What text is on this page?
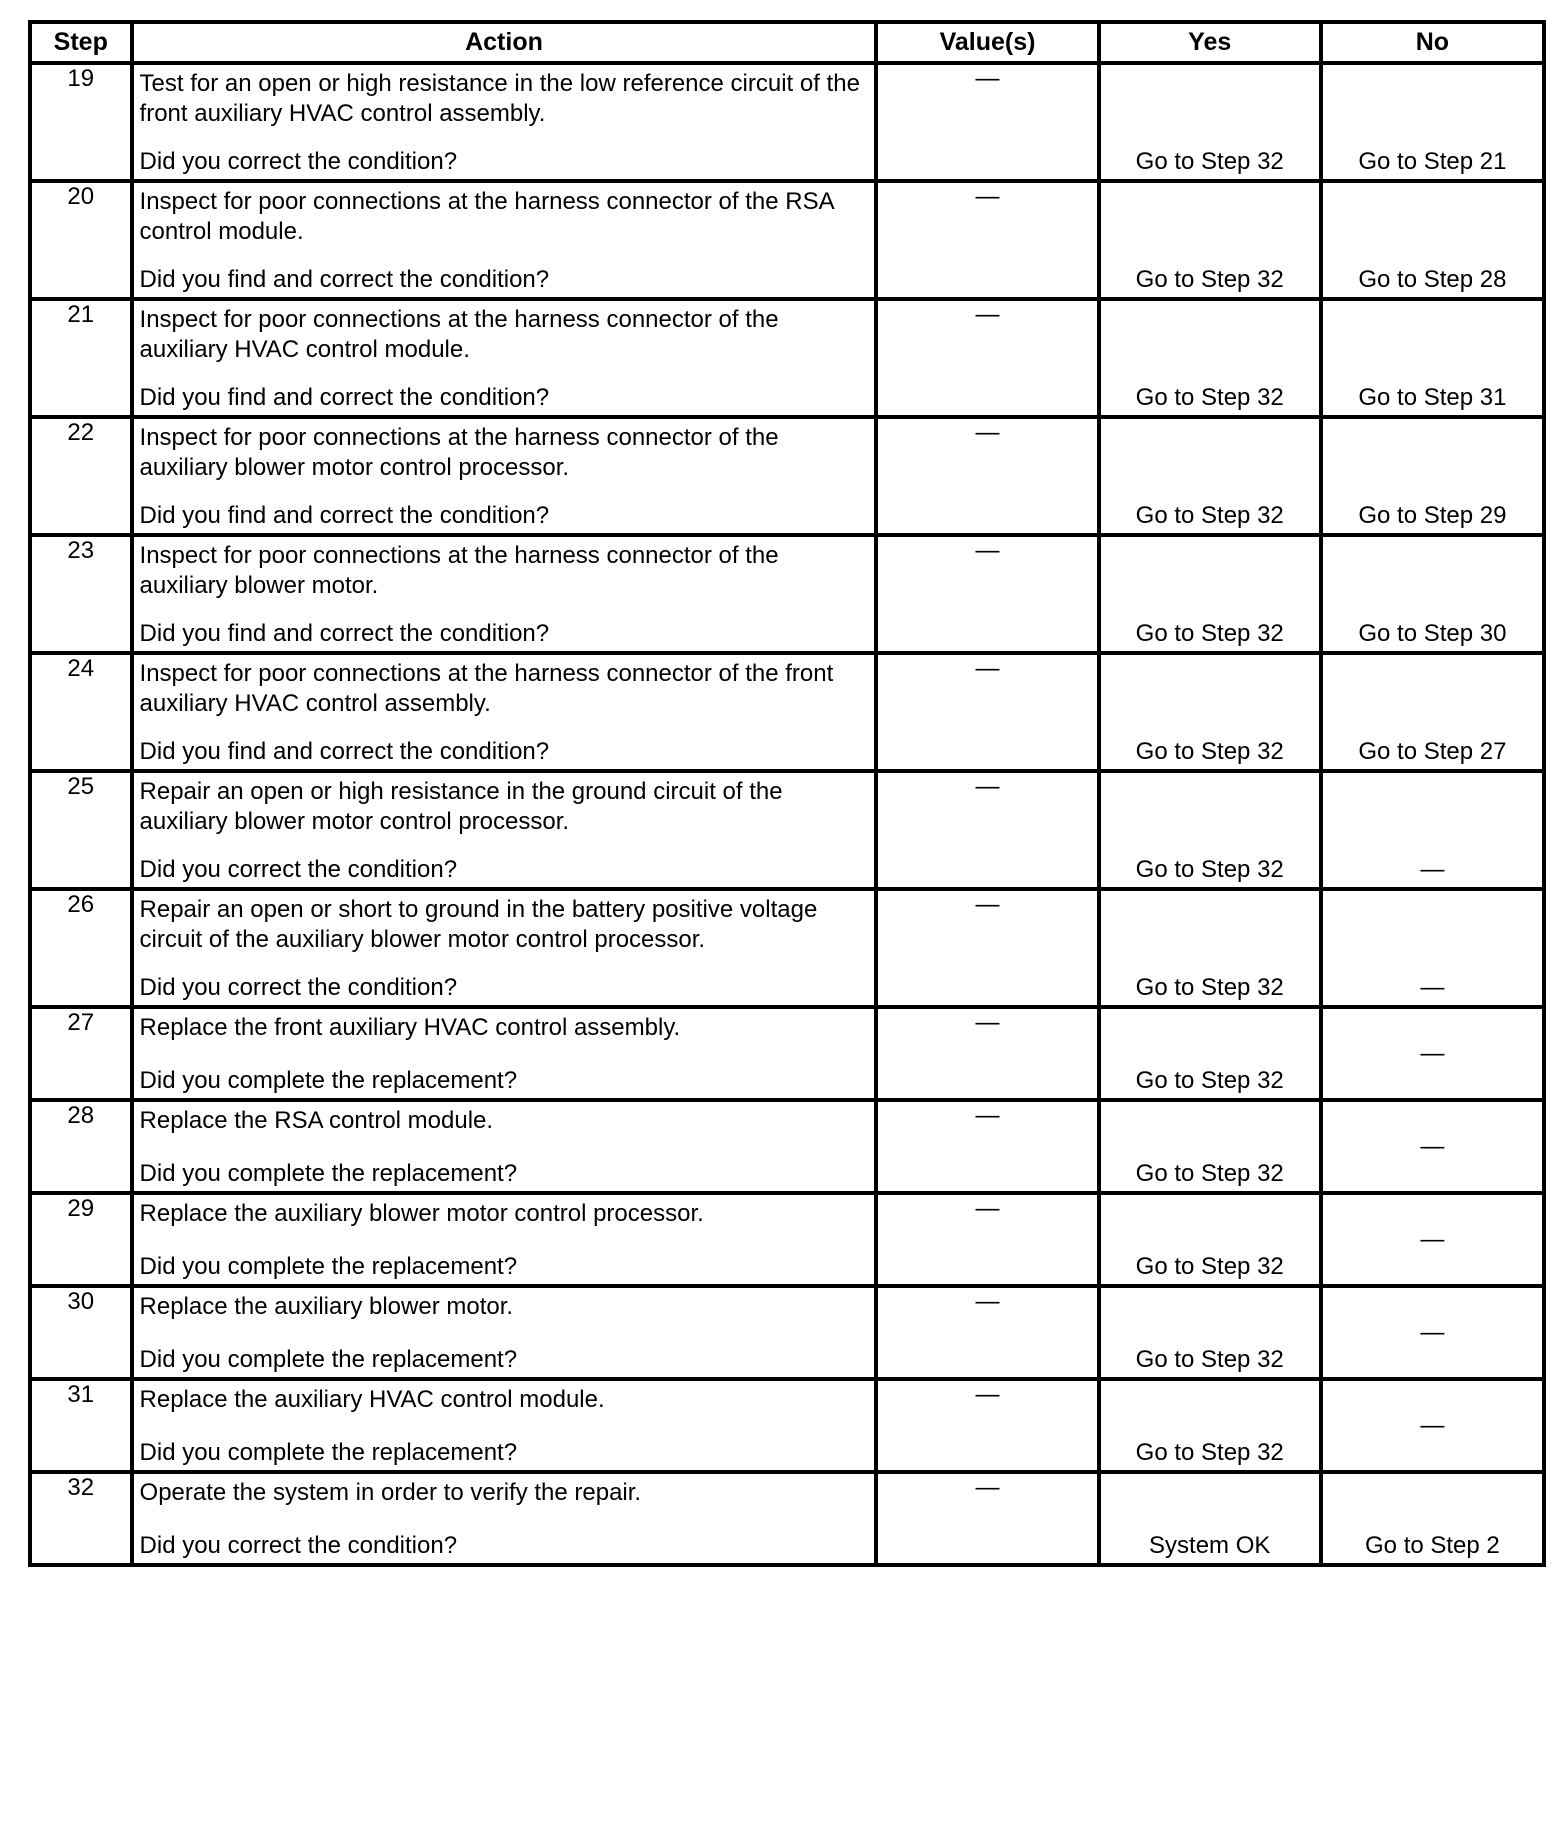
Step	Action	Value(s)	Yes	No
19	Test for an open or high resistance in the low reference circuit of the front auxiliary HVAC control assembly.
Did you correct the condition?	—	Go to Step 32	Go to Step 21

20	Inspect for poor connections at the harness connector of the RSA control module.
Did you find and correct the condition?	—	Go to Step 32	Go to Step 28

21	Inspect for poor connections at the harness connector of the auxiliary HVAC control module.
Did you find and correct the condition?	—	Go to Step 32	Go to Step 31

22	Inspect for poor connections at the harness connector of the auxiliary blower motor control processor.
Did you find and correct the condition?	—	Go to Step 32	Go to Step 29

23	Inspect for poor connections at the harness connector of the auxiliary blower motor.
Did you find and correct the condition?	—	Go to Step 32	Go to Step 30

24	Inspect for poor connections at the harness connector of the front auxiliary HVAC control assembly.
Did you find and correct the condition?	—	Go to Step 32	Go to Step 27

25	Repair an open or high resistance in the ground circuit of the auxiliary blower motor control processor.
Did you correct the condition?	—	Go to Step 32	—

26	Repair an open or short to ground in the battery positive voltage circuit of the auxiliary blower motor control processor.
Did you correct the condition?	—	Go to Step 32	—

27	Replace the front auxiliary HVAC control assembly.
Did you complete the replacement?	—	Go to Step 32	—

28	Replace the RSA control module.
Did you complete the replacement?	—	Go to Step 32	—

29	Replace the auxiliary blower motor control processor.
Did you complete the replacement?	—	Go to Step 32	—

30	Replace the auxiliary blower motor.
Did you complete the replacement?	—	Go to Step 32	—

31	Replace the auxiliary HVAC control module.
Did you complete the replacement?	—	Go to Step 32	—

32	Operate the system in order to verify the repair.
Did you correct the condition?	—	System OK	Go to Step 2
